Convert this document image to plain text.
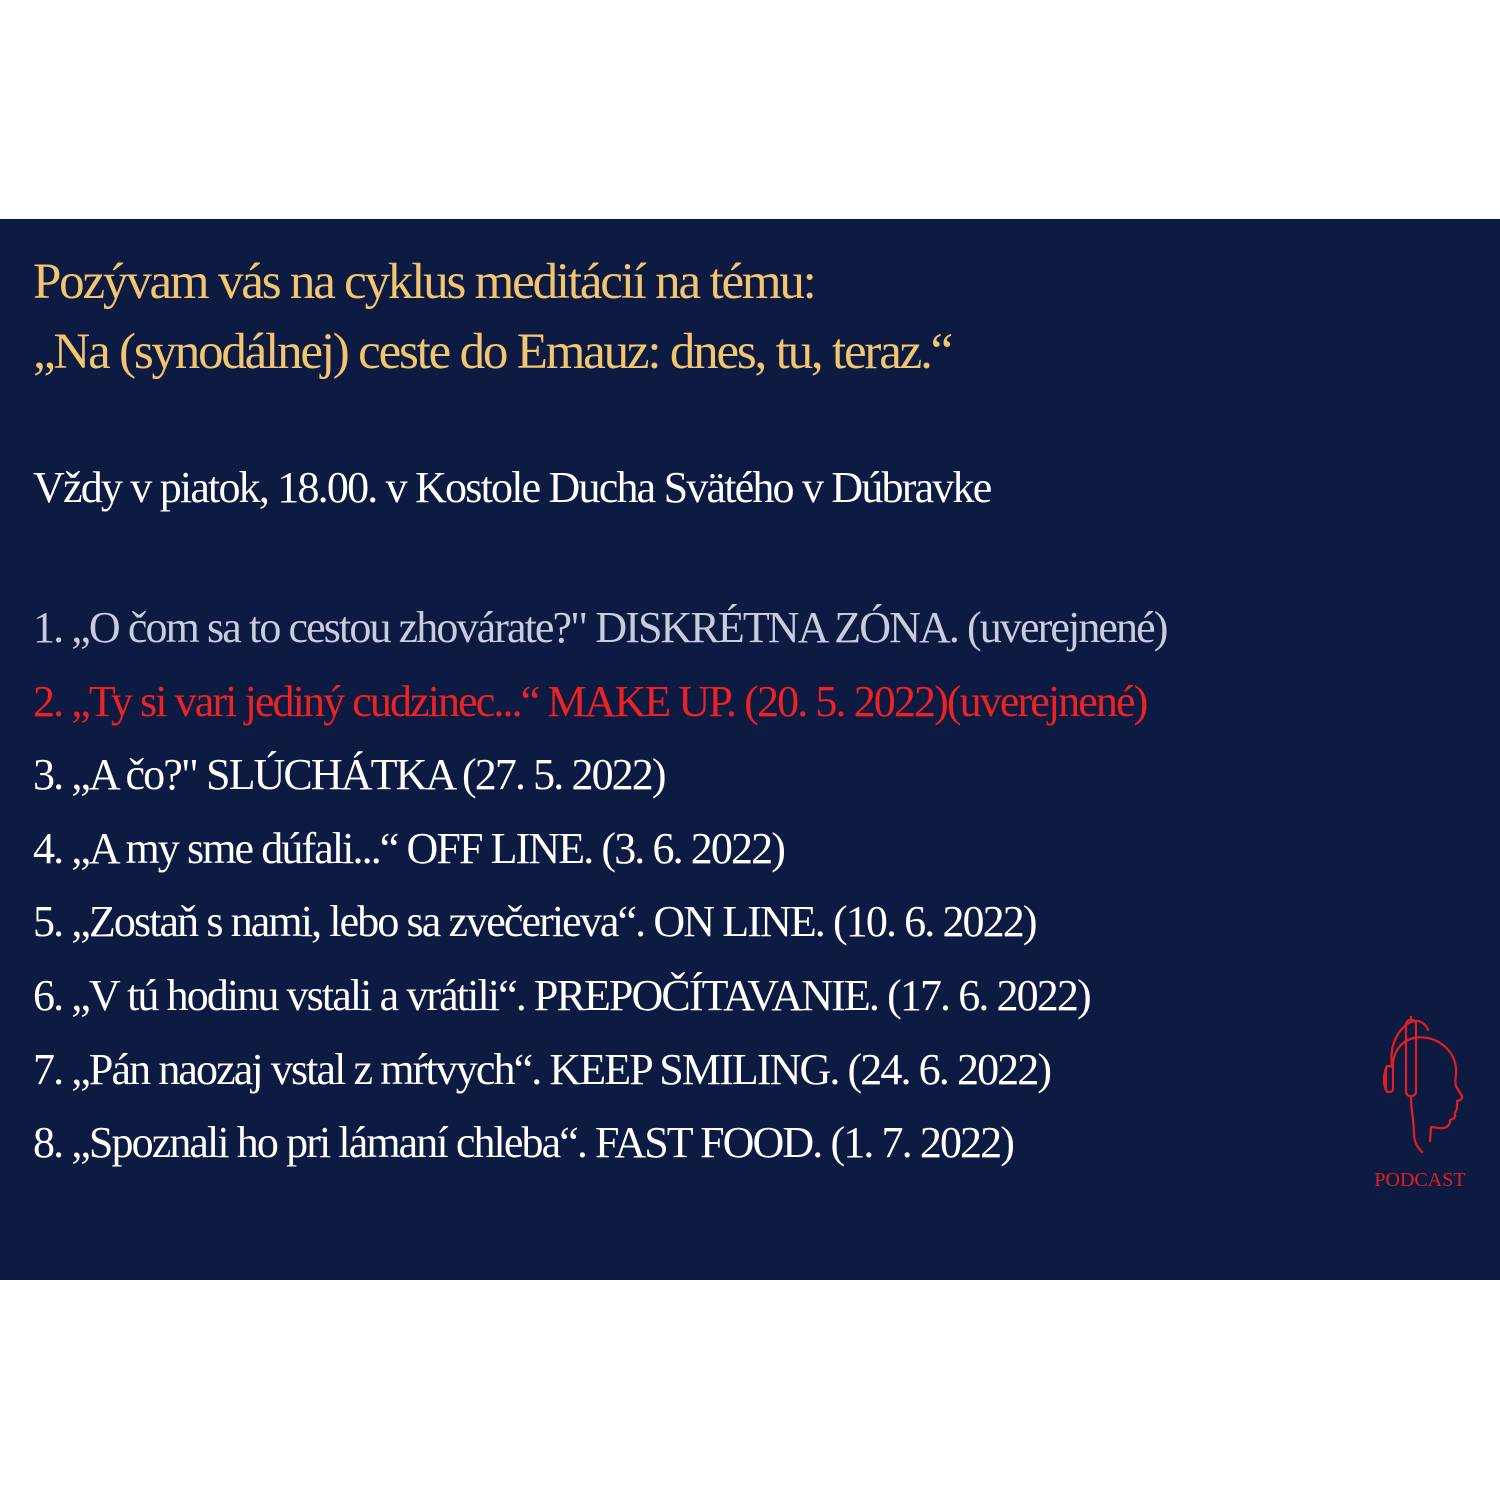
Pozývam vás na cyklus meditácií na tému:
„Na (synodálnej) ceste do Emauz: dnes, tu, teraz.“
Vždy v piatok, 18.00. v Kostole Ducha Svätého v Dúbravke
1. „O čom sa to cestou zhovárate?" DISKRÉTNA ZÓNA. (uverejnené)
2. „Ty si vari jediný cudzinec...“ MAKE UP. (20. 5. 2022)(uverejnené)
3. „A čo?" SLÚCHÁTKA (27. 5. 2022)
4. „A my sme dúfali...“ OFF LINE. (3. 6. 2022)
5. „Zostaň s nami, lebo sa zvečerieva“. ON LINE. (10. 6. 2022)
6. „V tú hodinu vstali a vrátili“. PREPOČÍTAVANIE. (17. 6. 2022)
7. „Pán naozaj vstal z mŕtvych“. KEEP SMILING. (24. 6. 2022)
8. „Spoznali ho pri lámaní chleba“. FAST FOOD. (1. 7. 2022)
PODCAST
